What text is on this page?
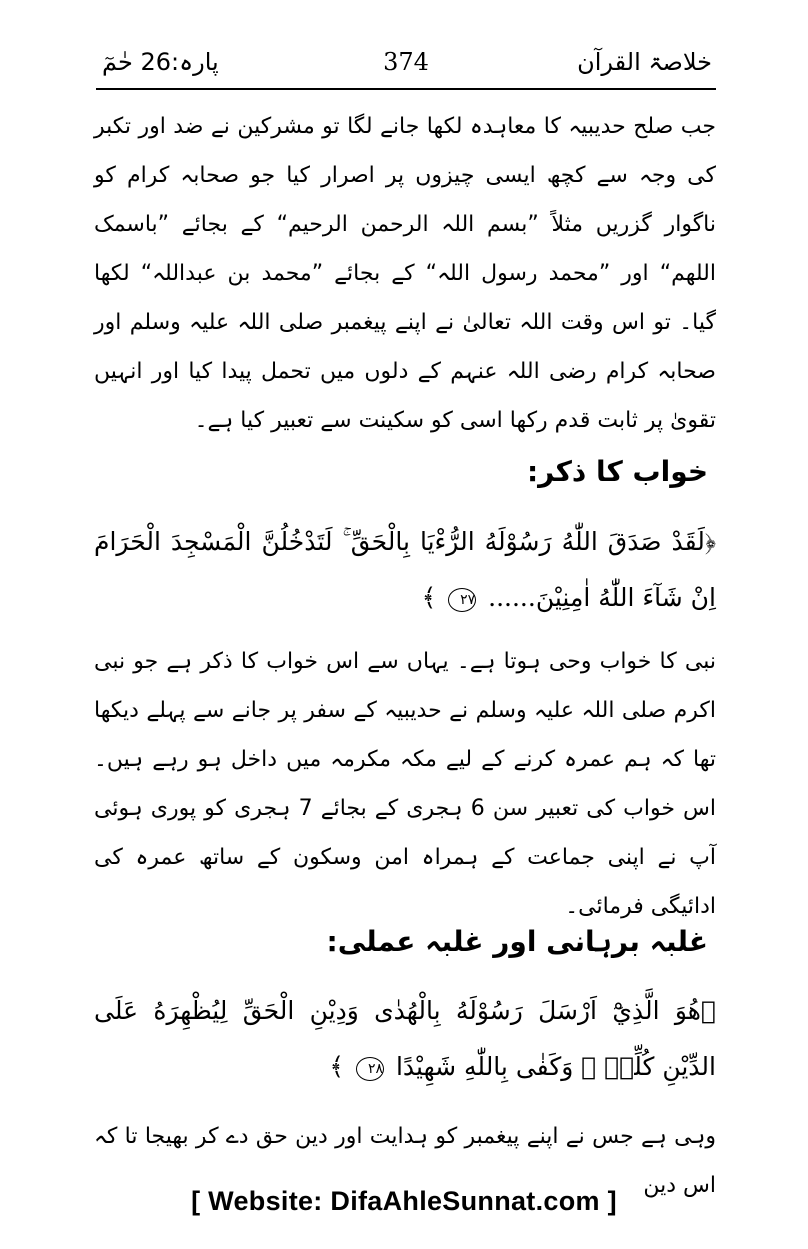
پارہ:26 حٰمٓ	374	خلاصۃ القرآن
جب صلح حدیبیہ کا معاہدہ لکھا جانے لگا تو مشرکین نے ضد اور تکبر کی وجہ سے کچھ ایسی چیزوں پر اصرار کیا جو صحابہ کرام کو ناگوار گزریں مثلاً ”بسم اللہ الرحمن الرحیم“ کے بجائے ”باسمک اللھم“ اور ”محمد رسول اللہ“ کے بجائے ”محمد بن عبداللہ“ لکھا گیا۔ تو اس وقت اللہ تعالیٰ نے اپنے پیغمبر صلی اللہ علیہ وسلم اور صحابہ کرام رضی اللہ عنہم کے دلوں میں تحمل پیدا کیا اور انہیں تقویٰ پر ثابت قدم رکھا اسی کو سکینت سے تعبیر کیا ہے۔
خواب کا ذکر:
﴿لَقَدْ صَدَقَ اللّٰهُ رَسُوْلَهُ الرُّءْيَا بِالْحَقِّ ۚ لَتَدْخُلُنَّ الْمَسْجِدَ الْحَرَامَ اِنْ شَآءَ اللّٰهُ اٰمِنِيْنَ...... ٢٧ ﴾
نبی کا خواب وحی ہوتا ہے۔ یہاں سے اس خواب کا ذکر ہے جو نبی اکرم صلی اللہ علیہ وسلم نے حدیبیہ کے سفر پر جانے سے پہلے دیکھا تھا کہ ہم عمرہ کرنے کے لیے مکہ مکرمہ میں داخل ہو رہے ہیں۔ اس خواب کی تعبیر سن 6 ہجری کے بجائے 7 ہجری کو پوری ہوئی آپ نے اپنی جماعت کے ہمراہ امن وسکون کے ساتھ عمرہ کی ادائیگی فرمائی۔
غلبہ برہانی اور غلبہ عملی:
﴿هُوَ الَّذِيْٓ اَرْسَلَ رَسُوْلَهُ بِالْهُدٰى وَدِيْنِ الْحَقِّ لِيُظْهِرَهُ عَلَى الدِّيْنِ كُلِّهٖ ۭ وَكَفٰى بِاللّٰهِ شَهِيْدًا ٢٨ ﴾
وہی ہے جس نے اپنے پیغمبر کو ہدایت اور دین حق دے کر بھیجا تا کہ اس دین
[ Website: DifaAhleSunnat.com ]
